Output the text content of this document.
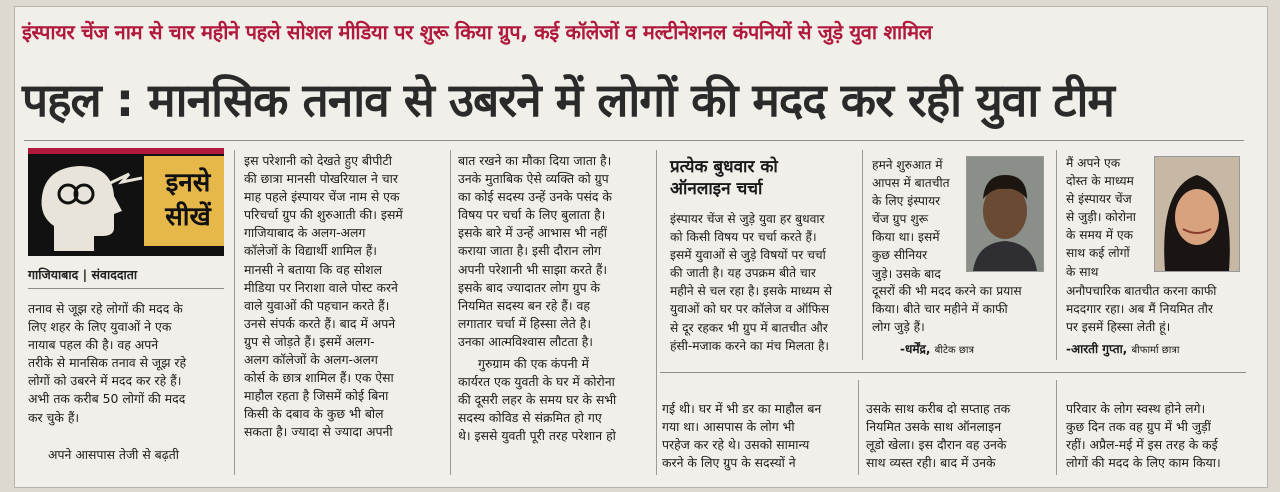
इंस्पायर चेंज नाम से चार महीने पहले सोशल मीडिया पर शुरू किया ग्रुप, कई कॉलेजों व मल्टीनेशनल कंपनियों से जुड़े युवा शामिल
पहल : मानसिक तनाव से उबरने में लोगों की मदद कर रही युवा टीम
इनसे सीखें
गाजियाबाद | संवाददाता

तनाव से जूझ रहे लोगों की मदद के

लिए शहर के लिए युवाओं ने एक

नायाब पहल की है। वह अपने

तरीके से मानसिक तनाव से जूझ रहे

लोगों को उबरने में मदद कर रहे हैं।

अभी तक करीब 50 लोगों की मदद

कर चुके हैं।

अपने आसपास तेजी से बढ़ती

इस परेशानी को देखते हुए बीपीटी

की छात्रा मानसी पोखरियाल ने चार

माह पहले इंस्पायर चेंज नाम से एक

परिचर्चा ग्रुप की शुरुआती की। इसमें

गाजियाबाद के अलग-अलग

कॉलेजों के विद्यार्थी शामिल हैं।

मानसी ने बताया कि वह सोशल

मीडिया पर निराशा वाले पोस्ट करने

वाले युवाओं की पहचान करते हैं।

उनसे संपर्क करते हैं। बाद में अपने

ग्रुप से जोड़ते हैं। इसमें अलग-

अलग कॉलेजों के अलग-अलग

कोर्स के छात्र शामिल हैं। एक ऐसा

माहौल रहता है जिसमें कोई बिना

किसी के दबाव के कुछ भी बोल

सकता है। ज्यादा से ज्यादा अपनी

बात रखने का मौका दिया जाता है।

उनके मुताबिक ऐसे व्यक्ति को ग्रुप

का कोई सदस्य उन्हें उनके पसंद के

विषय पर चर्चा के लिए बुलाता है।

इसके बारे में उन्हें आभास भी नहीं

कराया जाता है। इसी दौरान लोग

अपनी परेशानी भी साझा करते हैं।

इसके बाद ज्यादातर लोग ग्रुप के

नियमित सदस्य बन रहे हैं। वह

लगातार चर्चा में हिस्सा लेते है।

उनका आत्मविश्वास लौटता है।

गुरुग्राम की एक कंपनी में

कार्यरत एक युवती के घर में कोरोना

की दूसरी लहर के समय घर के सभी

सदस्य कोविड से संक्रमित हो गए

थे। इससे युवती पूरी तरह परेशान हो

प्रत्येक बुधवार को ऑनलाइन चर्चा

इंस्पायर चेंज से जुड़े युवा हर बुधवार

को किसी विषय पर चर्चा करते हैं।

इसमें युवाओं से जुड़े विषयों पर चर्चा

की जाती है। यह उपक्रम बीते चार

महीने से चल रहा है। इसके माध्यम से

युवाओं को घर पर कॉलेज व ऑफिस

से दूर रहकर भी ग्रुप में बातचीत और

हंसी-मजाक करने का मंच मिलता है।

हमने शुरुआत में

आपस में बातचीत

के लिए इंस्पायर

चेंज ग्रुप शुरू

किया था। इसमें

कुछ सीनियर

जुड़े। उसके बाद

दूसरों की भी मदद करने का प्रयास

किया। बीते चार महीने में काफी

लोग जुड़े हैं।

-धर्मेंद्र, बीटेक छात्र

मैं अपने एक

दोस्त के माध्यम

से इंस्पायर चेंज

से जुड़ी। कोरोना

के समय में एक

साथ कई लोगों

के साथ

अनौपचारिक बातचीत करना काफी

मददगार रहा। अब मैं नियमित तौर

पर इसमें हिस्सा लेती हूं।

-आरती गुप्ता, बीफार्मा छात्रा

गई थी। घर में भी डर का माहौल बन

गया था। आसपास के लोग भी

परहेज कर रहे थे। उसको सामान्य

करने के लिए ग्रुप के सदस्यों ने

उसके साथ करीब दो सप्ताह तक

नियमित उसके साथ ऑनलाइन

लूडो खेला। इस दौरान वह उनके

साथ व्यस्त रही। बाद में उनके

परिवार के लोग स्वस्थ होने लगे।

कुछ दिन तक वह ग्रुप में भी जुड़ीं

रहीं। अप्रैल-मई में इस तरह के कई

लोगों की मदद के लिए काम किया।
